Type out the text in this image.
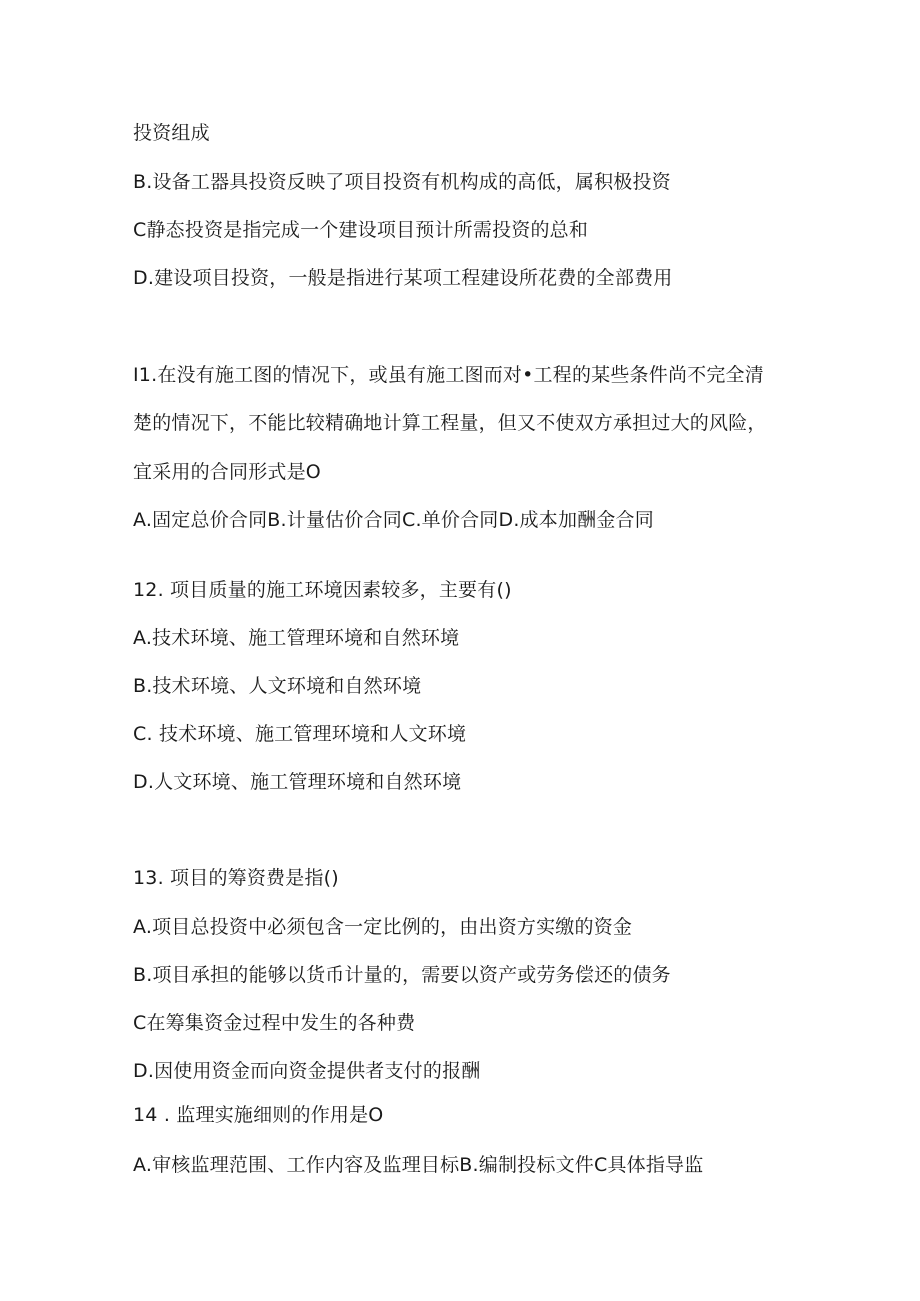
投资组成
B.设备工器具投资反映了项目投资有机构成的高低，属积极投资
C静态投资是指完成一个建设项目预计所需投资的总和
D.建设项目投资，一般是指进行某项工程建设所花费的全部费用
I1.在没有施工图的情况下，或虽有施工图而对•工程的某些条件尚不完全清
楚的情况下，不能比较精确地计算工程量，但又不使双方承担过大的风险，
宜采用的合同形式是O
A.固定总价合同B.计量估价合同C.单价合同D.成本加酬金合同
12. 项目质量的施工环境因素较多，主要有()
A.技术环境、施工管理环境和自然环境
B.技术环境、人文环境和自然环境
C. 技术环境、施工管理环境和人文环境
D.人文环境、施工管理环境和自然环境
13. 项目的筹资费是指()
A.项目总投资中必须包含一定比例的，由出资方实缴的资金
B.项目承担的能够以货币计量的，需要以资产或劳务偿还的债务
C在筹集资金过程中发生的各种费
D.因使用资金而向资金提供者支付的报酬
14 . 监理实施细则的作用是O
A.审核监理范围、工作内容及监理目标B.编制投标文件C具体指导监
